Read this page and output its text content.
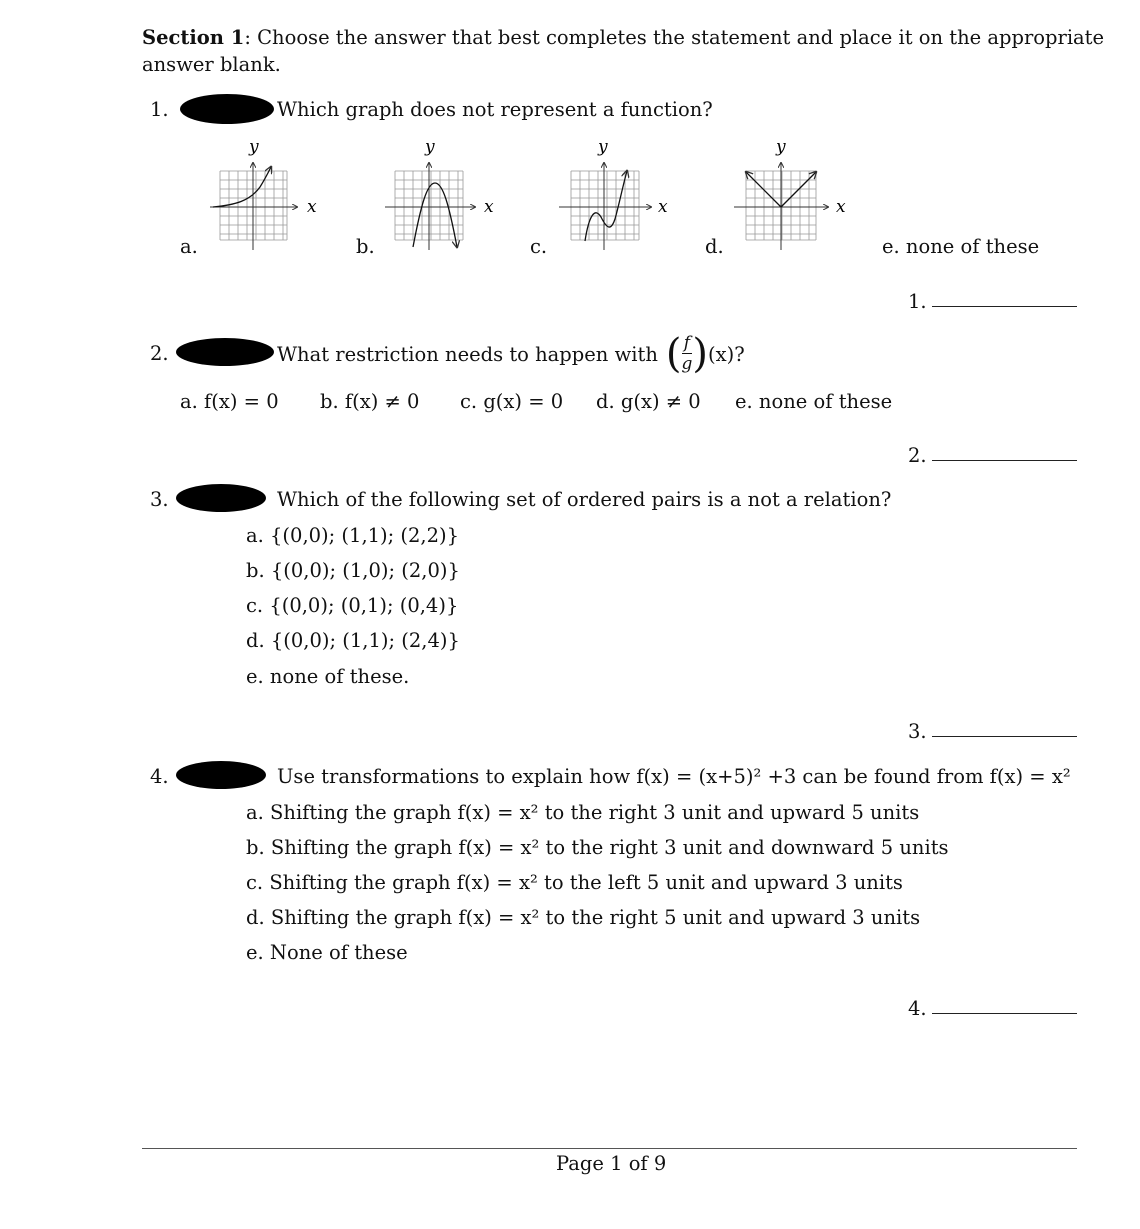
Section 1: Choose the answer that best completes the statement and place it on the appropriate
answer blank.
1.	Which graph does not represent a function?
y
x
a.
y
x
b.
y
x
c.
y
x
d.	e. none of these
1.
2.	What restriction needs to happen with ( $\frac{f}{g}$ ) (x)?
a. f(x) = 0 b. f(x) ≠ 0 c. g(x) = 0 d. g(x) ≠ 0 e. none of these
2.
3.	Which of the following set of ordered pairs is a not a relation?
a. {(0,0); (1,1); (2,2)}
b. {(0,0); (1,0); (2,0)}
c. {(0,0); (0,1); (0,4)}
d. {(0,0); (1,1); (2,4)}
e. none of these.
3.
4.	Use transformations to explain how f(x) = (x+5)² +3 can be found from f(x) = x²
a. Shifting the graph f(x) = x² to the right 3 unit and upward 5 units
b. Shifting the graph f(x) = x² to the right 3 unit and downward 5 units
c. Shifting the graph f(x) = x² to the left 5 unit and upward 3 units
d. Shifting the graph f(x) = x² to the right 5 unit and upward 3 units
e. None of these
4.
Page 1 of 9
